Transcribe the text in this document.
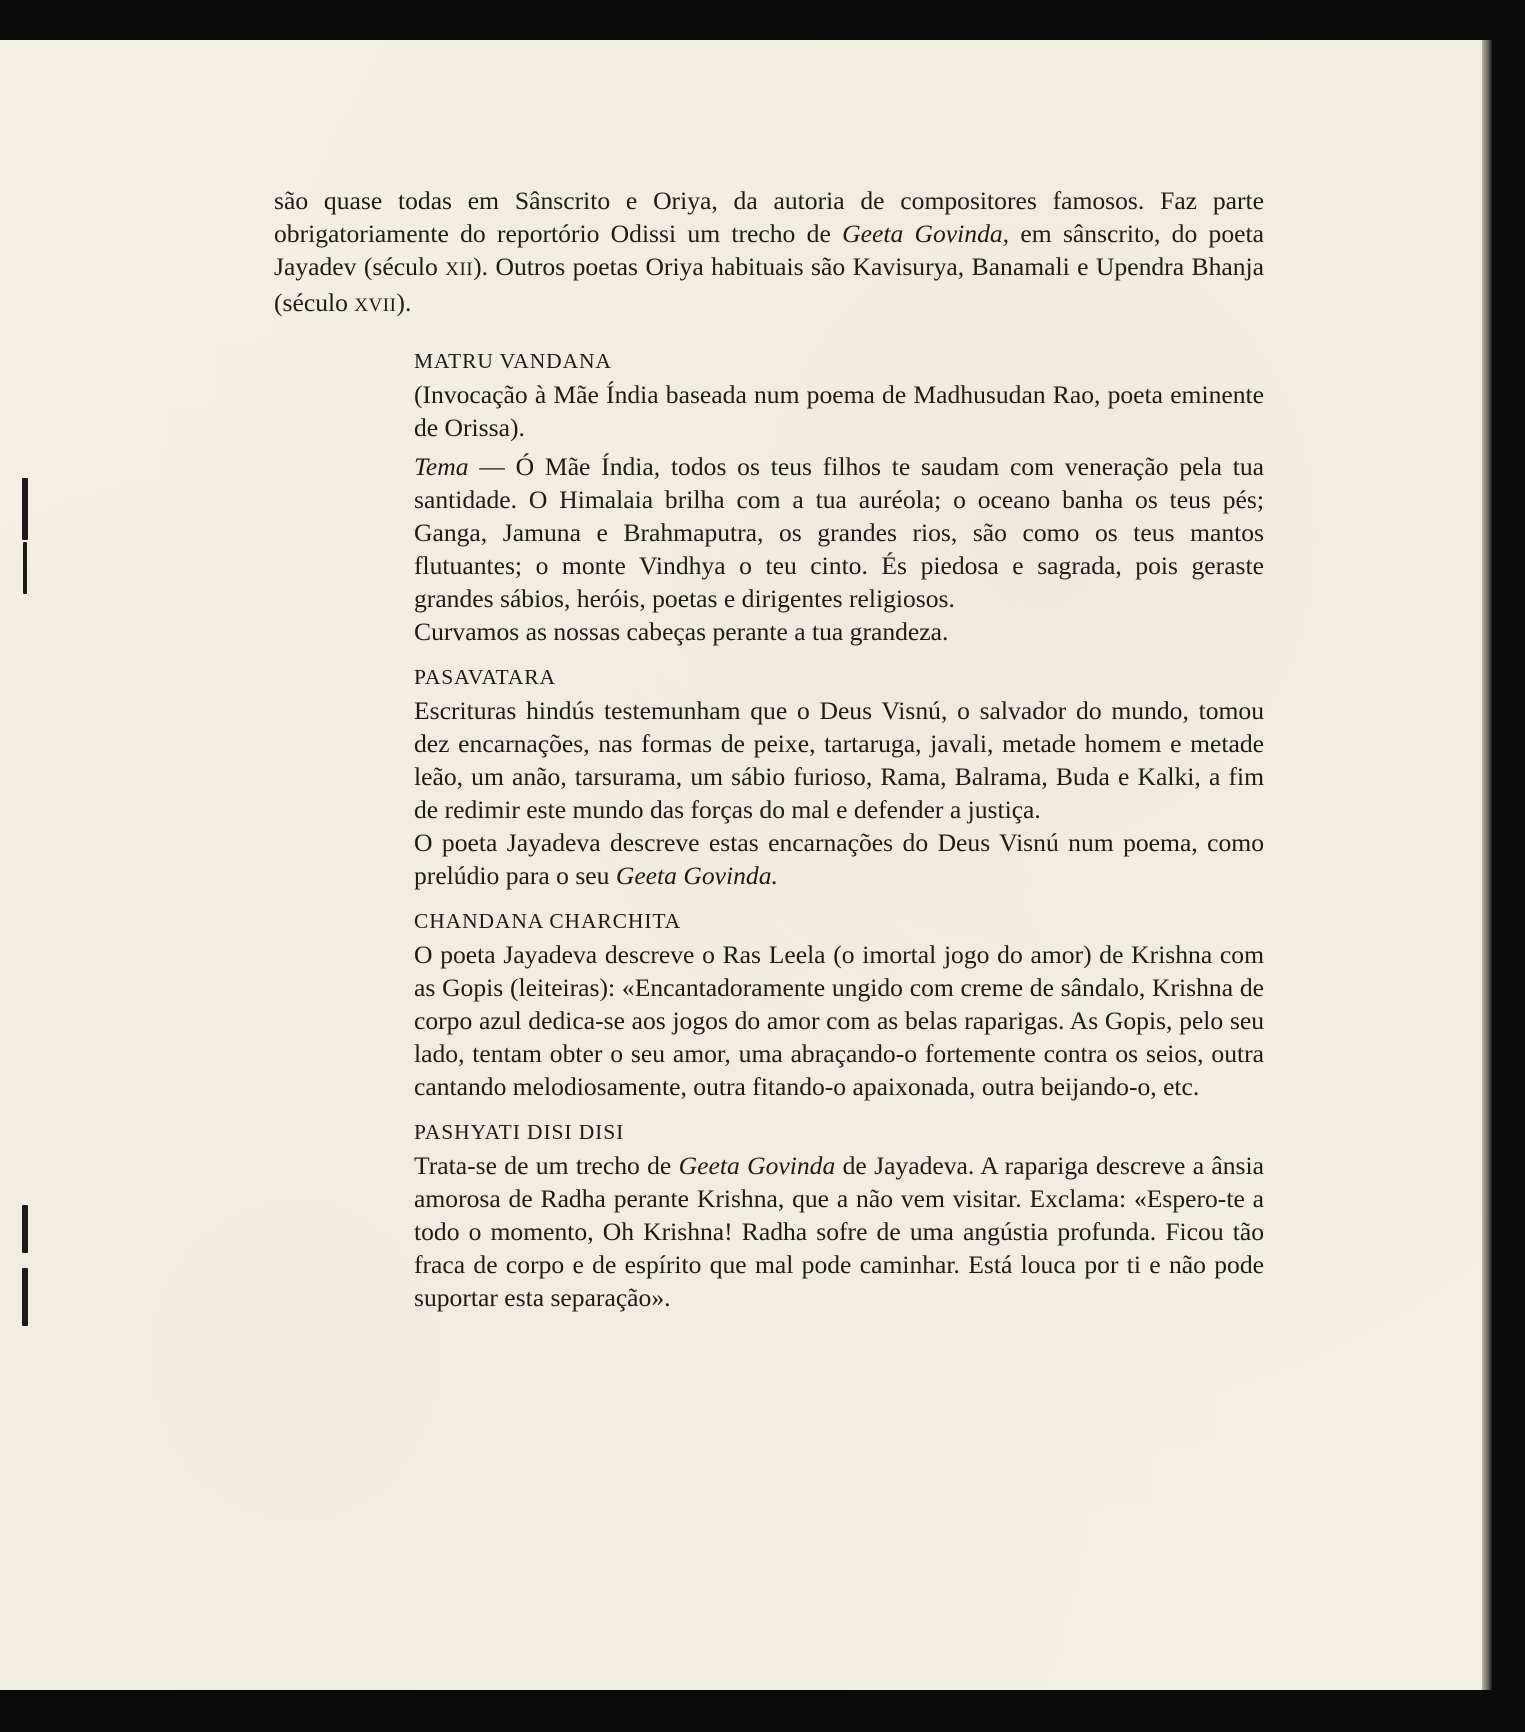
são quase todas em Sânscrito e Oriya, da autoria de compositores famosos. Faz parte obrigatoriamente do reportório Odissi um trecho de Geeta Govinda, em sânscrito, do poeta Jayadev (século XII). Outros poetas Oriya habituais são Kavisurya, Banamali e Upendra Bhanja (século XVII).

MATRU VANDANA

(Invocação à Mãe Índia baseada num poema de Madhusudan Rao, poeta eminente de Orissa).

Tema — Ó Mãe Índia, todos os teus filhos te saudam com veneração pela tua santidade. O Himalaia brilha com a tua auréola; o oceano banha os teus pés; Ganga, Jamuna e Brahmaputra, os grandes rios, são como os teus mantos flutuantes; o monte Vindhya o teu cinto. És piedosa e sagrada, pois geraste grandes sábios, heróis, poetas e dirigentes religiosos.

Curvamos as nossas cabeças perante a tua grandeza.

PASAVATARA

Escrituras hindús testemunham que o Deus Visnú, o salvador do mundo, tomou dez encarnações, nas formas de peixe, tartaruga, javali, metade homem e metade leão, um anão, tarsurama, um sábio furioso, Rama, Balrama, Buda e Kalki, a fim de redimir este mundo das forças do mal e defender a justiça.

O poeta Jayadeva descreve estas encarnações do Deus Visnú num poema, como prelúdio para o seu Geeta Govinda.

CHANDANA CHARCHITA

O poeta Jayadeva descreve o Ras Leela (o imortal jogo do amor) de Krishna com as Gopis (leiteiras): «Encantadoramente ungido com creme de sândalo, Krishna de corpo azul dedica-se aos jogos do amor com as belas raparigas. As Gopis, pelo seu lado, tentam obter o seu amor, uma abraçando-o fortemente contra os seios, outra cantando melodiosamente, outra fitando-o apaixonada, outra beijando-o, etc.

PASHYATI DISI DISI

Trata-se de um trecho de Geeta Govinda de Jayadeva. A rapariga descreve a ânsia amorosa de Radha perante Krishna, que a não vem visitar. Exclama: «Espero-te a todo o momento, Oh Krishna! Radha sofre de uma angústia profunda. Ficou tão fraca de corpo e de espírito que mal pode caminhar. Está louca por ti e não pode suportar esta separação».
